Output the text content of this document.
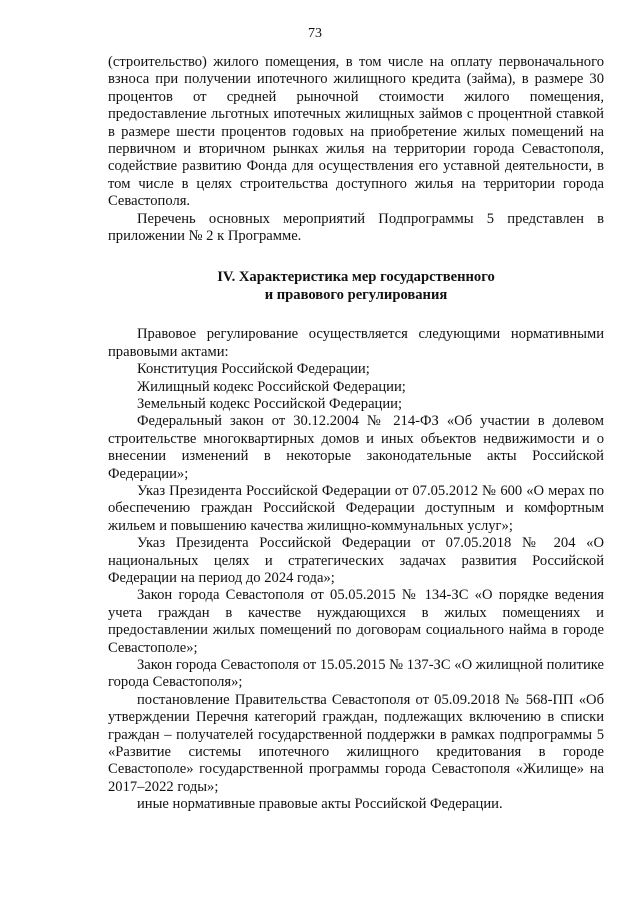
73

(строительство) жилого помещения, в том числе на оплату первоначального взноса при получении ипотечного жилищного кредита (займа), в размере 30 процентов от средней рыночной стоимости жилого помещения, предоставление льготных ипотечных жилищных займов с процентной ставкой в размере шести процентов годовых на приобретение жилых помещений на первичном и вторичном рынках жилья на территории города Севастополя, содействие развитию Фонда для осуществления его уставной деятельности, в том числе в целях строительства доступного жилья на территории города Севастополя.

Перечень основных мероприятий Подпрограммы 5 представлен в приложении № 2 к Программе.

IV. Характеристика мер государственного

и правового регулирования

Правовое регулирование осуществляется следующими нормативными правовыми актами:

Конституция Российской Федерации;

Жилищный кодекс Российской Федерации;

Земельный кодекс Российской Федерации;

Федеральный закон от 30.12.2004 № 214-ФЗ «Об участии в долевом строительстве многоквартирных домов и иных объектов недвижимости и о внесении изменений в некоторые законодательные акты Российской Федерации»;

Указ Президента Российской Федерации от 07.05.2012 № 600 «О мерах по обеспечению граждан Российской Федерации доступным и комфортным жильем и повышению качества жилищно-коммунальных услуг»;

Указ Президента Российской Федерации от 07.05.2018 № 204 «О национальных целях и стратегических задачах развития Российской Федерации на период до 2024 года»;

Закон города Севастополя от 05.05.2015 № 134-ЗС «О порядке ведения учета граждан в качестве нуждающихся в жилых помещениях и предоставлении жилых помещений по договорам социального найма в городе Севастополе»;

Закон города Севастополя от 15.05.2015 № 137-ЗС «О жилищной политике города Севастополя»;

постановление Правительства Севастополя от 05.09.2018 № 568-ПП «Об утверждении Перечня категорий граждан, подлежащих включению в списки граждан – получателей государственной поддержки в рамках подпрограммы 5 «Развитие системы ипотечного жилищного кредитования в городе Севастополе» государственной программы города Севастополя «Жилище» на 2017–2022 годы»;

иные нормативные правовые акты Российской Федерации.
